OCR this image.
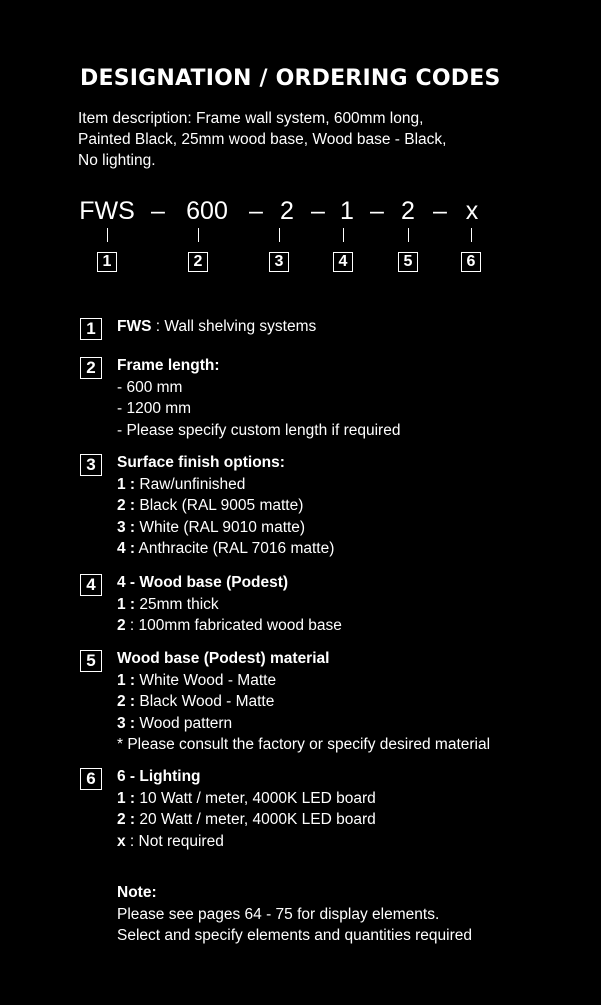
DESIGNATION / ORDERING CODES
Item description: Frame wall system, 600mm long,
Painted Black, 25mm wood base, Wood base - Black,
No lighting.
FWS – 600 – 2 – 1 – 2 – x
1	2	3	4	5	6
1	FWS : Wall shelving systems
2	Frame length:
- 600 mm
- 1200 mm
- Please specify custom length if required
3	Surface finish options:
1 : Raw/unfinished
2 : Black (RAL 9005 matte)
3 : White (RAL 9010 matte)
4 : Anthracite (RAL 7016 matte)
4	4 - Wood base (Podest)
1 : 25mm thick
2 : 100mm fabricated wood base
5	Wood base (Podest) material
1 : White Wood - Matte
2 : Black Wood - Matte
3 : Wood pattern
* Please consult the factory or specify desired material
6	6 - Lighting
1 : 10 Watt / meter, 4000K LED board
2 : 20 Watt / meter, 4000K LED board
x : Not required
Note:
Please see pages 64 - 75 for display elements.
Select and specify elements and quantities required
